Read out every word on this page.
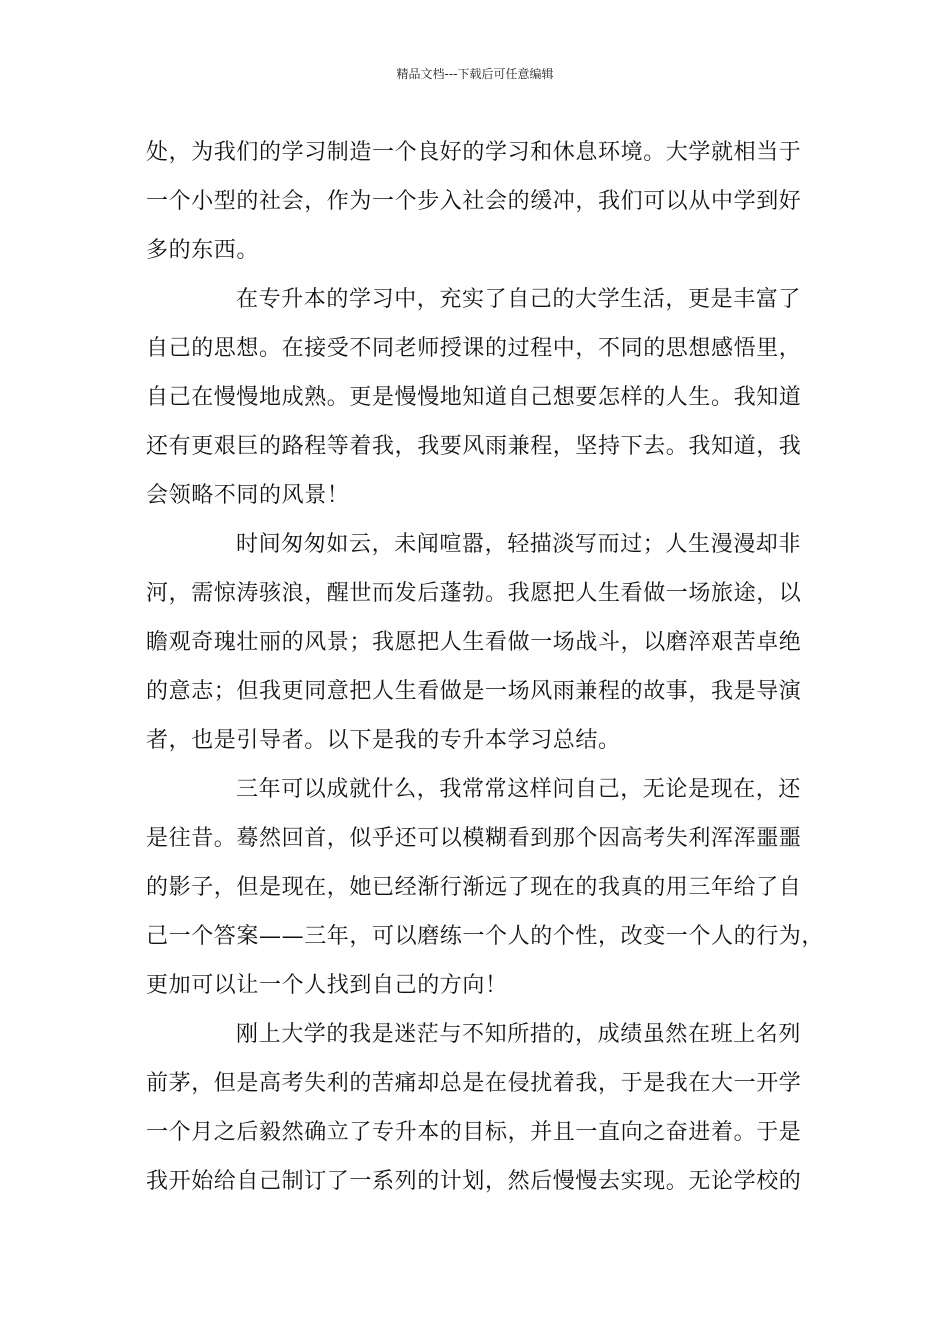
精品文档---下载后可任意编辑
处，为我们的学习制造一个良好的学习和休息环境。大学就相当于
一个小型的社会，作为一个步入社会的缓冲，我们可以从中学到好
多的东西。
在专升本的学习中，充实了自己的大学生活，更是丰富了
自己的思想。在接受不同老师授课的过程中，不同的思想感悟里，
自己在慢慢地成熟。更是慢慢地知道自己想要怎样的人生。我知道
还有更艰巨的路程等着我，我要风雨兼程，坚持下去。我知道，我
会领略不同的风景！
时间匆匆如云，未闻喧嚣，轻描淡写而过；人生漫漫却非
河，需惊涛骇浪，醒世而发后蓬勃。我愿把人生看做一场旅途，以
瞻观奇瑰壮丽的风景；我愿把人生看做一场战斗，以磨淬艰苦卓绝
的意志；但我更同意把人生看做是一场风雨兼程的故事，我是导演
者，也是引导者。以下是我的专升本学习总结。
三年可以成就什么，我常常这样问自己，无论是现在，还
是往昔。蓦然回首，似乎还可以模糊看到那个因高考失利浑浑噩噩
的影子，但是现在，她已经渐行渐远了现在的我真的用三年给了自
己一个答案——三年，可以磨练一个人的个性，改变一个人的行为，
更加可以让一个人找到自己的方向！
刚上大学的我是迷茫与不知所措的，成绩虽然在班上名列
前茅，但是高考失利的苦痛却总是在侵扰着我，于是我在大一开学
一个月之后毅然确立了专升本的目标，并且一直向之奋进着。于是
我开始给自己制订了一系列的计划，然后慢慢去实现。无论学校的
